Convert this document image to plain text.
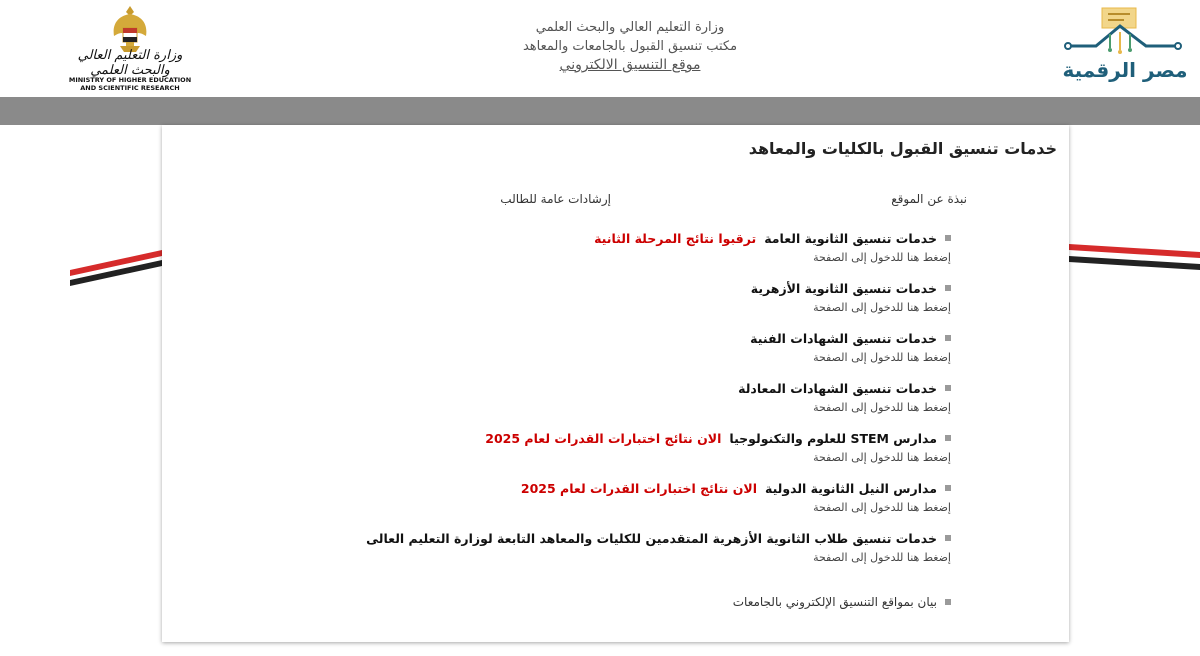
وزارة التعليم العالي والبحث العلمي
MINISTRY OF HIGHER EDUCATION
AND SCIENTIFIC RESEARCH
وزارة التعليم العالي والبحث العلمي
مكتب تنسيق القبول بالجامعات والمعاهد
موقع التنسيق الالكتروني	مصر الرقمية
خدمات تنسيق القبول بالكليات والمعاهد
نبذة عن الموقع
إرشادات عامة للطالب
خدمات تنسيق الثانوية العامةترقبوا نتائج المرحلة الثانية
إضغط هنا للدخول إلى الصفحة
خدمات تنسيق الثانوية الأزهرية
إضغط هنا للدخول إلى الصفحة
خدمات تنسيق الشهادات الفنية
إضغط هنا للدخول إلى الصفحة
خدمات تنسيق الشهادات المعادلة
إضغط هنا للدخول إلى الصفحة
مدارس STEM للعلوم والتكنولوجياالان نتائج اختبارات القدرات لعام 2025
إضغط هنا للدخول إلى الصفحة
مدارس النيل الثانوية الدوليةالان نتائج اختبارات القدرات لعام 2025
إضغط هنا للدخول إلى الصفحة
خدمات تنسيق طلاب الثانوية الأزهرية المتقدمين للكليات والمعاهد التابعة لوزارة التعليم العالى
إضغط هنا للدخول إلى الصفحة
بيان بمواقع التنسيق الإلكتروني بالجامعات
